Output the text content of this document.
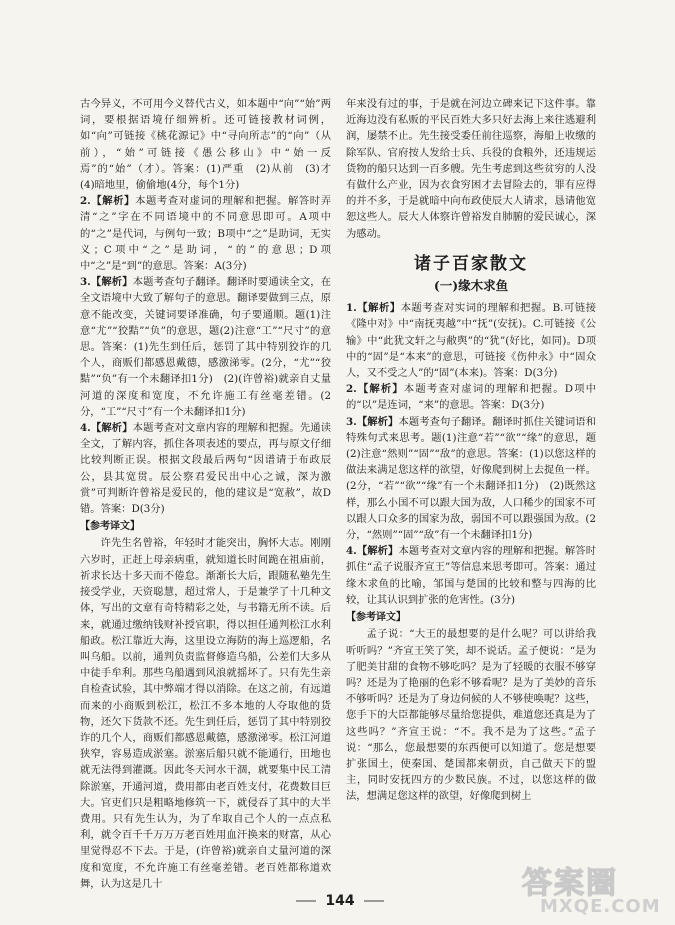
古今异义，不可用今义替代古义，如本题中“向”“始”两词，要根据语境仔细辨析。还可链接教材词例，如“向”可链接《桃花源记》中“寻向所志”的“向”（从前），“始”可链接《愚公移山》中“始一反焉”的“始”（才）。答案：(1)严重　(2)从前　(3)才　(4)暗地里，偷偷地(4分，每个1分)

2.【解析】本题考查对虚词的理解和把握。解答时弄清“之”字在不同语境中的不同意思即可。A项中的“之”是代词，与例句一致；B项中“之”是助词，无实义；C项中“之”是助词，“的”的意思；D项中“之”是“到”的意思。答案：A(3分)

3.【解析】本题考查句子翻译。翻译时要通读全文，在全文语境中大致了解句子的意思。翻译要做到三点，原意不能改变，关键词要译准确，句子要通顺。题(1)注意“尤”“狡黠”“负”的意思，题(2)注意“工”“尺寸”的意思。答案：(1)先生到任后，惩罚了其中特别狡诈的几个人，商贩们都感恩戴德，感激涕零。(2分，“尤”“狡黠”“负”有一个未翻译扣1分)　(2)(许曾裕)就亲自丈量河道的深度和宽度，不允许施工有丝毫差错。(2分，“工”“尺寸”有一个未翻译扣1分)

4.【解析】本题考查对文章内容的理解和把握。先通读全文，了解内容，抓住各项表述的要点，再与原文仔细比较判断正误。根据文段最后两句“因谱请于布政辰公，县其宽贯。辰公察君爱民出中心之诚，深为激赏”可判断许曾裕是爱民的，他的建议是“宽赦”，故D错。答案：D(3分)

【参考译文】

许先生名曾裕，年轻时才能突出，胸怀大志。刚刚六岁时，正赶上母亲病重，就知道长时间跪在祖庙前，祈求长达十多天而不倦怠。渐渐长大后，跟随私塾先生接受学业，天资聪慧，超过常人，于是兼学了十几种文体，写出的文章有奇特精彩之处，与书籍无所不读。后来，就通过缴纳钱财补授官职，得以担任通判松江水利船政。松江靠近大海，这里设立海防的海上巡逻船，名叫乌船。以前，通判负责监督修造乌船，公差们大多从中徒手牟利。那些乌船遇到风浪就摇坏了。只有先生亲自检查试验，其中弊端才得以消除。在这之前，有远道而来的小商贩到松江，松江不多本地的人夺取他的货物，还欠下货款不还。先生到任后，惩罚了其中特别狡诈的几个人，商贩们都感恩戴德，感激涕零。松江河道狭窄，容易造成淤塞。淤塞后船只就不能通行，田地也就无法得到灌溉。因此冬天河水干涸，就要集中民工清除淤塞，开通河道，费用都由老百姓支付，花费数目巨大。官吏们只是粗略地修筑一下，就侵吞了其中的大半费用。只有先生认为，为了牟取自己个人的一点点私利，就令百千千万万万老百姓用血汗换来的财富，从心里觉得忍不下去。于是，(许曾裕)就亲自丈量河道的深度和宽度，不允许施工有丝毫差错。老百姓都称道欢舞，认为这是几十

年来没有过的事，于是就在河边立碑来记下这件事。靠近海边没有私贩的平民百姓大多只好去海上来往逃避利润，屡禁不止。先生接受委任前往巡察，海船上收缴的除军队、官府按人发给士兵、兵役的食粮外，还违规运货物的船只达到一百多艘。先生考虑到这些贫穷的人没有做什么产业，因为衣食穷困才去冒险去的，罪有应得的并不多，于是就暗中向布政使辰大人请求，恳请他宽恕这些人。辰大人体察许曾裕发自肺腑的爱民诚心，深为感动。

诸子百家散文

(一)缘木求鱼

1.【解析】本题考查对实词的理解和把握。B.可链接《隆中对》中“南抚夷越”中“抚”(安抚)。C.可链接《公输》中“此犹文轩之与敝舆”的“犹”(好比，如同)。D项中的“固”是“本来”的意思，可链接《伤仲永》中“固众人，又不受之人”的“固”(本来)。答案：D(3分)

2.【解析】本题考查对虚词的理解和把握。D项中的“以”是连词，“来”的意思。答案：D(3分)

3.【解析】本题考查句子翻译。翻译时抓住关键词语和特殊句式来思考。题(1)注意“若”“欲”“缘”的意思，题(2)注意“然则”“固”“敌”的意思。答案：(1)以您这样的做法来满足您这样的欲望，好像爬到树上去捉鱼一样。(2分，“若”“欲”“缘”有一个未翻译扣1分)　(2)既然这样，那么小国不可以跟大国为敌，人口稀少的国家不可以跟人口众多的国家为敌，弱国不可以跟强国为敌。(2分，“然则”“固”“敌”有一个未翻译扣1分)

4.【解析】本题考查对文章内容的理解和把握。解答时抓住“孟子说服齐宣王”等信息来思考即可。答案：通过缘木求鱼的比喻，邹国与楚国的比较和整与四海的比较，让其认识到扩张的危害性。(3分)

【参考译文】

孟子说：“大王的最想要的是什么呢？可以讲给我听听吗？”齐宣王笑了笑，却不说话。孟子便说：“是为了肥美甘甜的食物不够吃吗？是为了轻暖的衣服不够穿吗？还是为了艳丽的色彩不够看呢？是为了美妙的音乐不够听吗？还是为了身边伺候的人不够使唤呢？这些，您手下的大臣都能够尽量给您提供，难道您还真是为了这些吗？”齐宣王说：“不。我不是为了这些。”孟子说：“那么，您最想要的东西便可以知道了。您是想要扩张国土，使秦国、楚国都来朝贡，自己做天下的盟主，同时安抚四方的少数民族。不过，以您这样的做法，想满足您这样的欲望，好像爬到树上

144	答案圈
MXQE.COM
